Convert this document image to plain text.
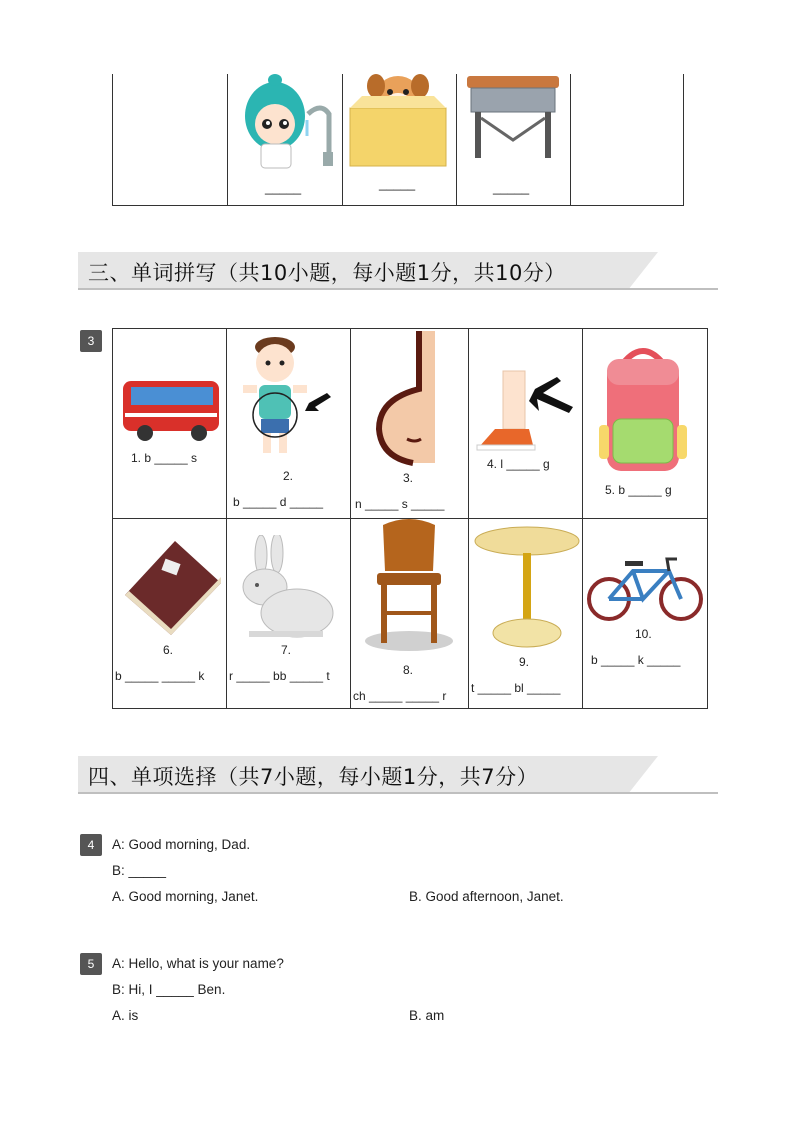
_____	_____	_____
三、单词拼写（共10小题，每小题1分，共10分）
3
1. b _____ s
2.
b _____ d _____
3.
n _____ s _____
4. l _____ g
5. b _____ g
6.
b _____ _____ k
7.
r _____ bb _____ t	8.
ch _____ _____ r
9.
t _____ bl _____
10.
b _____ k _____
四、单项选择（共7小题，每小题1分，共7分）
4	A: Good morning, Dad.
B: _____
A. Good morning, Janet.	B. Good afternoon, Janet.
5	A: Hello, what is your name?
B: Hi, I _____ Ben.
A. is	B. am
